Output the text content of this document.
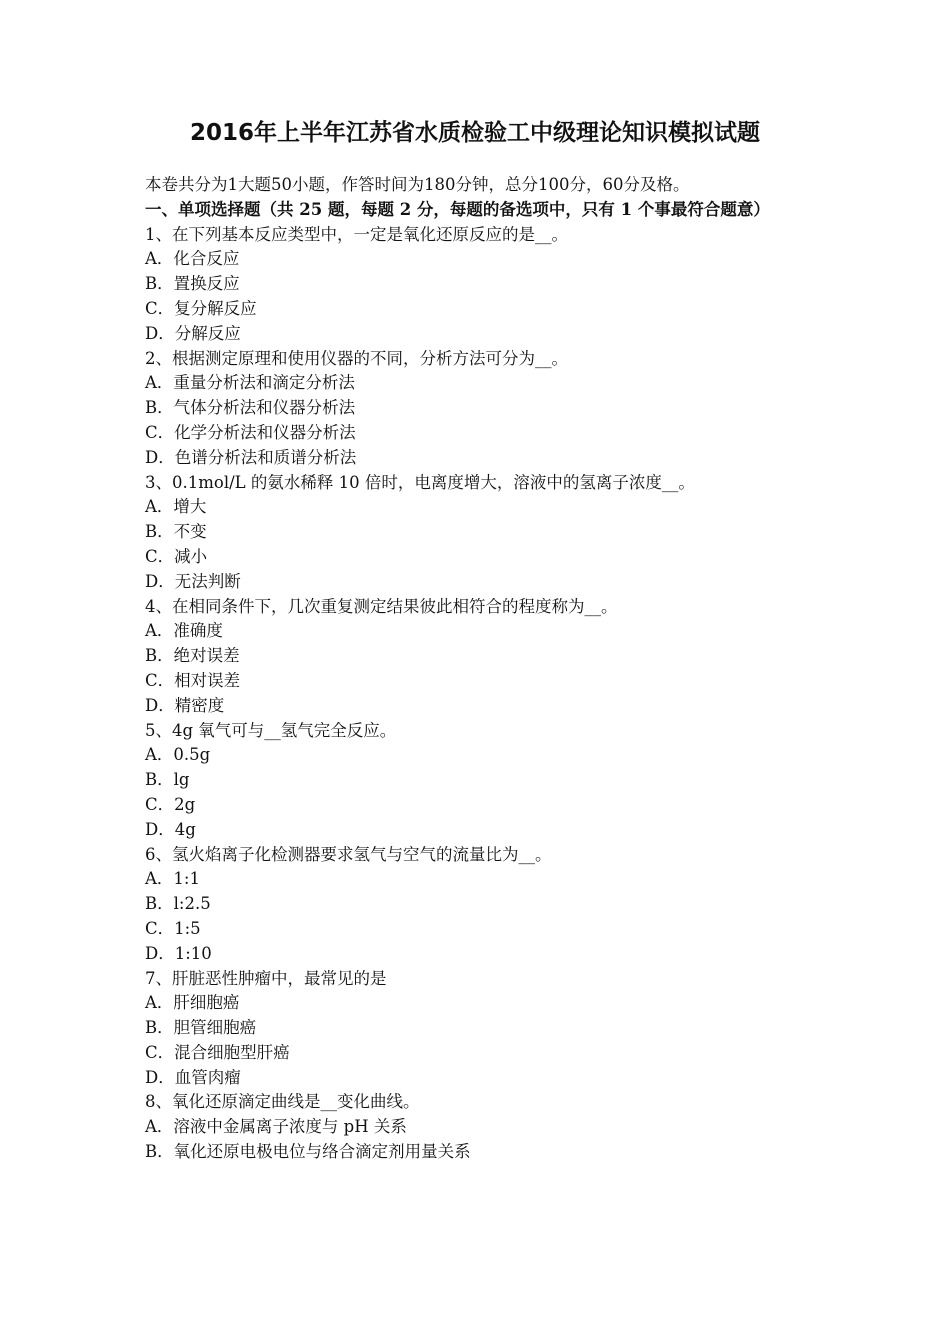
2016年上半年江苏省水质检验工中级理论知识模拟试题
本卷共分为1大题50小题，作答时间为180分钟，总分100分，60分及格。
一、单项选择题（共 25 题，每题 2 分，每题的备选项中，只有 1 个事最符合题意）
1、在下列基本反应类型中，一定是氧化还原反应的是__。
A．化合反应
B．置换反应
C．复分解反应
D．分解反应
2、根据测定原理和使用仪器的不同，分析方法可分为__。
A．重量分析法和滴定分析法
B．气体分析法和仪器分析法
C．化学分析法和仪器分析法
D．色谱分析法和质谱分析法
3、0.1mol/L 的氨水稀释 10 倍时，电离度增大，溶液中的氢离子浓度__。
A．增大
B．不变
C．减小
D．无法判断
4、在相同条件下，几次重复测定结果彼此相符合的程度称为__。
A．准确度
B．绝对误差
C．相对误差
D．精密度
5、4g 氧气可与__氢气完全反应。
A．0.5g
B．lg
C．2g
D．4g
6、氢火焰离子化检测器要求氢气与空气的流量比为__。
A．1:1
B．l:2.5
C．1:5
D．1:10
7、肝脏恶性肿瘤中，最常见的是
A．肝细胞癌
B．胆管细胞癌
C．混合细胞型肝癌
D．血管肉瘤
8、氧化还原滴定曲线是__变化曲线。
A．溶液中金属离子浓度与 pH 关系
B．氧化还原电极电位与络合滴定剂用量关系
